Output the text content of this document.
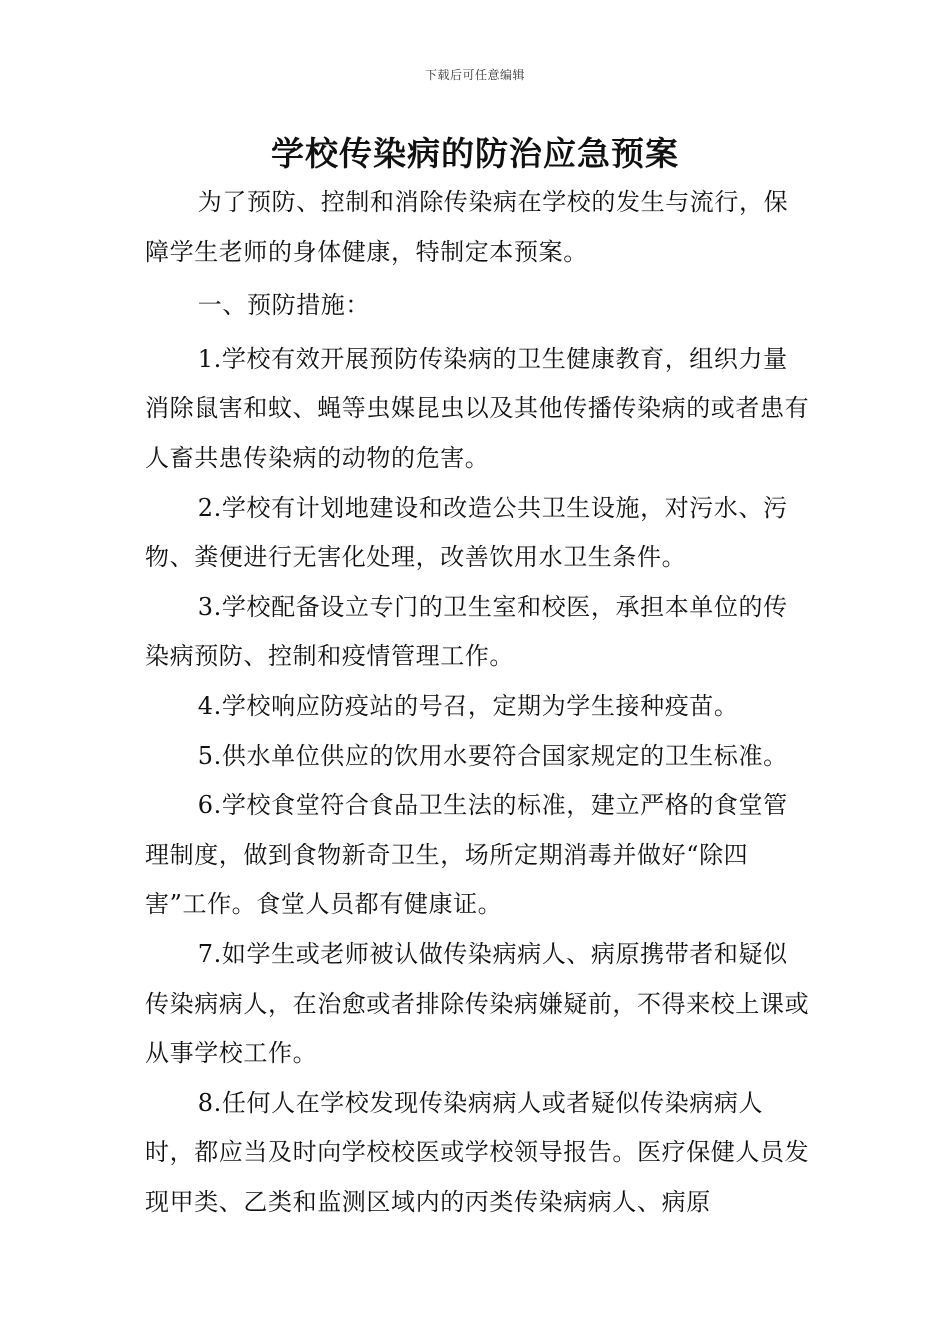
下载后可任意编辑
学校传染病的防治应急预案

为了预防、控制和消除传染病在学校的发生与流行，保障学生老师的身体健康，特制定本预案。

一、预防措施：

1.学校有效开展预防传染病的卫生健康教育，组织力量消除鼠害和蚊、蝇等虫媒昆虫以及其他传播传染病的或者患有人畜共患传染病的动物的危害。

2.学校有计划地建设和改造公共卫生设施，对污水、污物、粪便进行无害化处理，改善饮用水卫生条件。

3.学校配备设立专门的卫生室和校医，承担本单位的传染病预防、控制和疫情管理工作。

4.学校响应防疫站的号召，定期为学生接种疫苗。

5.供水单位供应的饮用水要符合国家规定的卫生标准。

6.学校食堂符合食品卫生法的标准，建立严格的食堂管理制度，做到食物新奇卫生，场所定期消毒并做好“除四害”工作。食堂人员都有健康证。

7.如学生或老师被认做传染病病人、病原携带者和疑似传染病病人，在治愈或者排除传染病嫌疑前，不得来校上课或从事学校工作。

8.任何人在学校发现传染病病人或者疑似传染病病人时，都应当及时向学校校医或学校领导报告。医疗保健人员发现甲类、乙类和监测区域内的丙类传染病病人、病原
